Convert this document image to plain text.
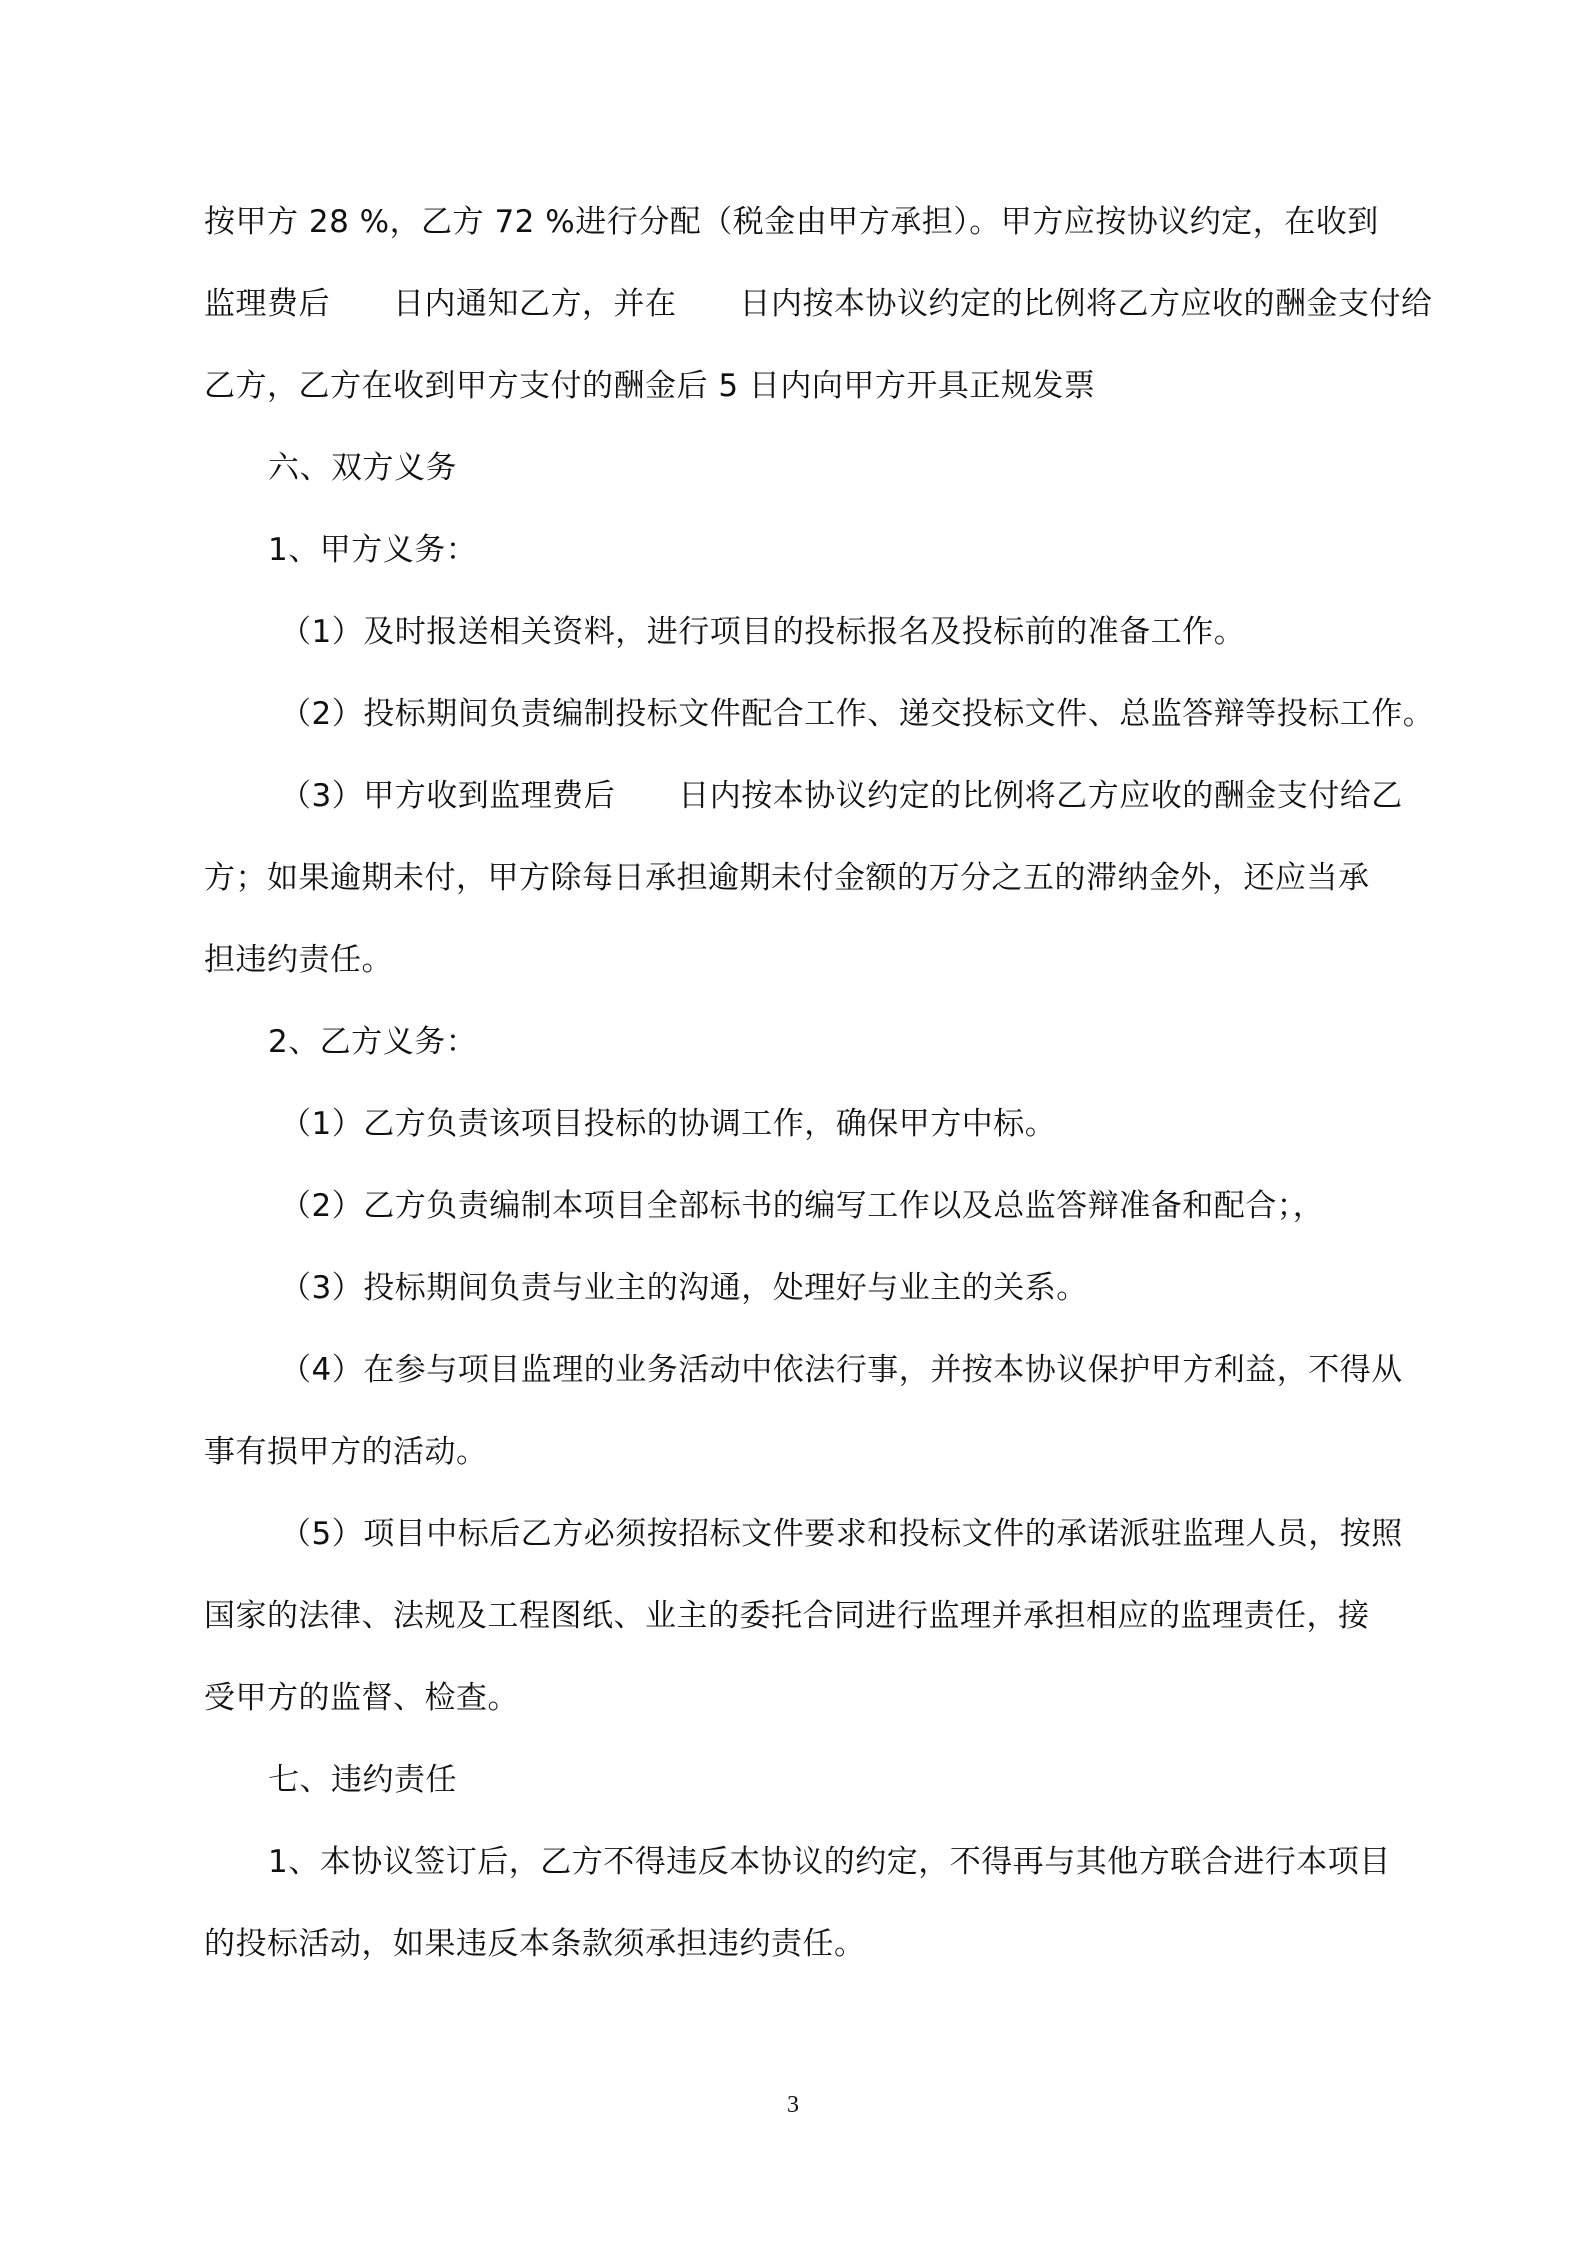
按甲方 28 %，乙方 72 %进行分配（税金由甲方承担）。甲方应按协议约定，在收到
监理费后　　日内通知乙方，并在　　日内按本协议约定的比例将乙方应收的酬金支付给
乙方，乙方在收到甲方支付的酬金后 5 日内向甲方开具正规发票
六、双方义务
1、甲方义务：
（1）及时报送相关资料，进行项目的投标报名及投标前的准备工作。
（2）投标期间负责编制投标文件配合工作、递交投标文件、总监答辩等投标工作。
（3）甲方收到监理费后　　日内按本协议约定的比例将乙方应收的酬金支付给乙
方；如果逾期未付，甲方除每日承担逾期未付金额的万分之五的滞纳金外，还应当承
担违约责任。
2、乙方义务：
（1）乙方负责该项目投标的协调工作，确保甲方中标。
（2）乙方负责编制本项目全部标书的编写工作以及总监答辩准备和配合；，
（3）投标期间负责与业主的沟通，处理好与业主的关系。
（4）在参与项目监理的业务活动中依法行事，并按本协议保护甲方利益，不得从
事有损甲方的活动。
（5）项目中标后乙方必须按招标文件要求和投标文件的承诺派驻监理人员，按照
国家的法律、法规及工程图纸、业主的委托合同进行监理并承担相应的监理责任，接
受甲方的监督、检查。
七、违约责任
1、本协议签订后，乙方不得违反本协议的约定，不得再与其他方联合进行本项目
的投标活动，如果违反本条款须承担违约责任。
3
